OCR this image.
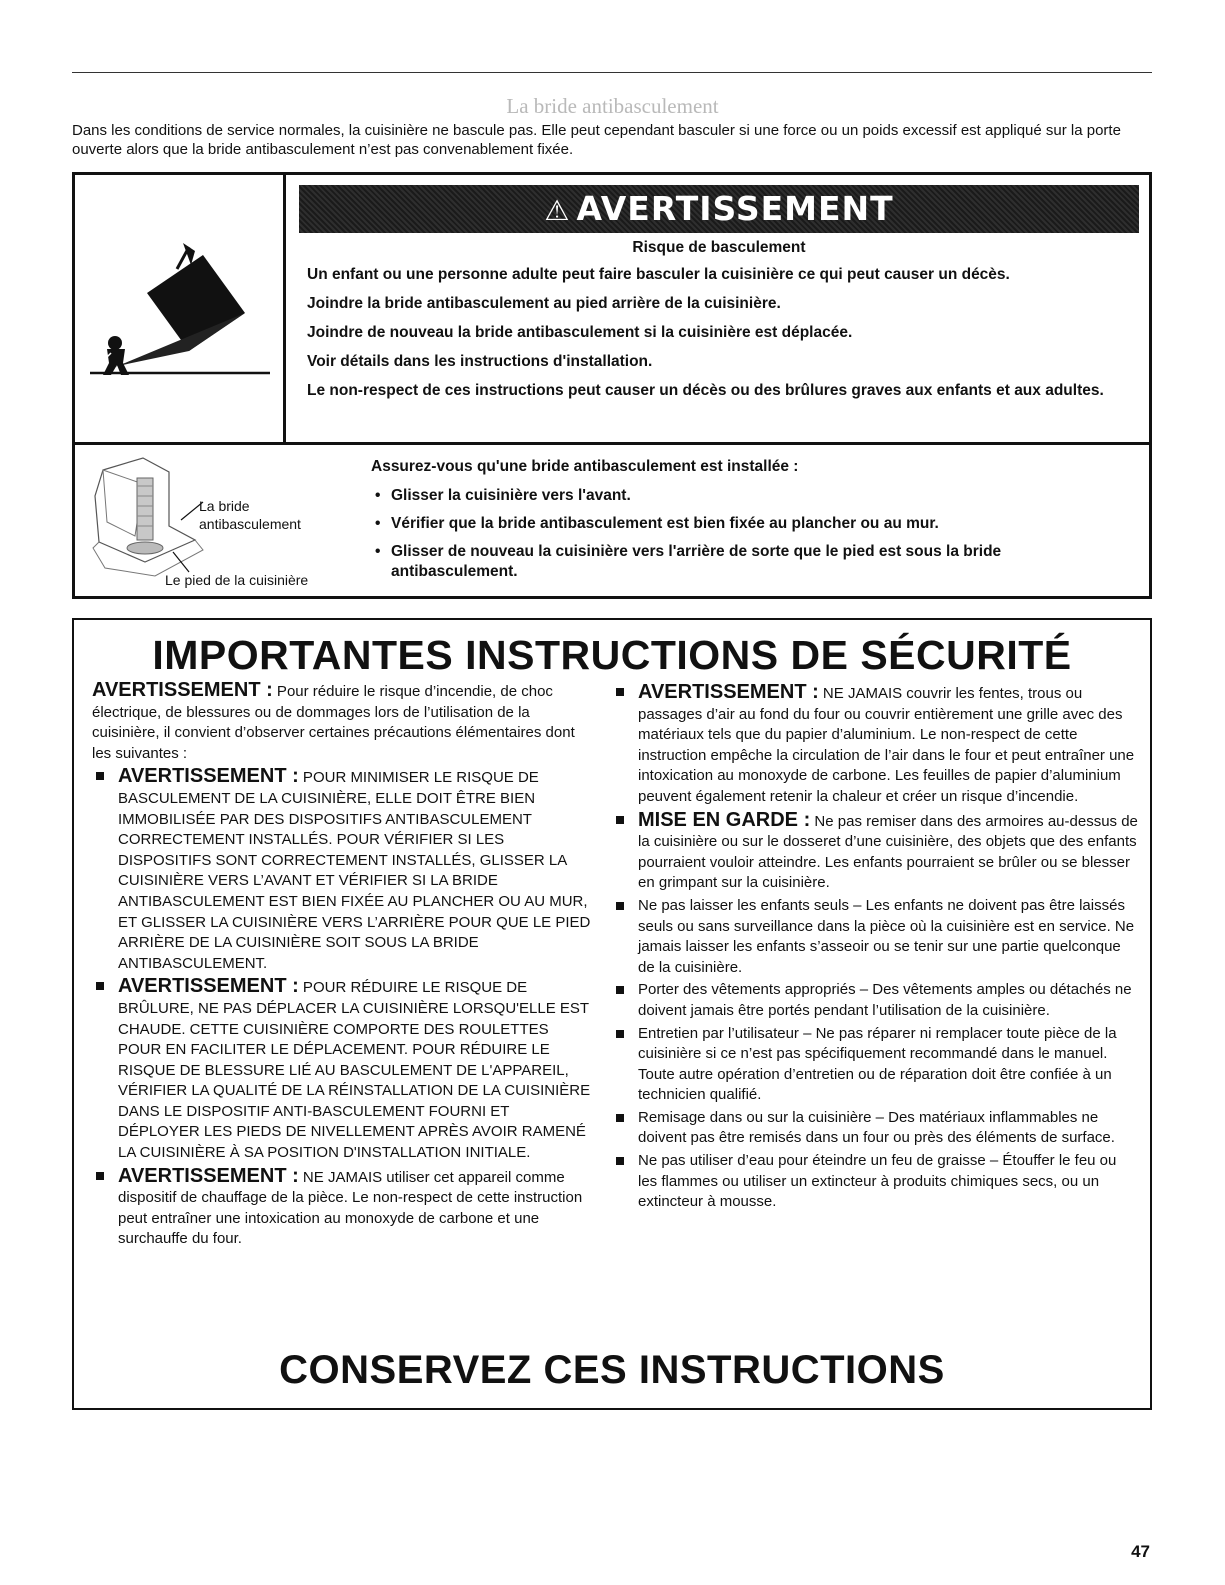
La bride antibasculement
Dans les conditions de service normales, la cuisinière ne bascule pas. Elle peut cependant basculer si une force ou un poids excessif est appliqué sur la porte ouverte alors que la bride antibasculement n’est pas convenablement fixée.
⚠ AVERTISSEMENT
Risque de basculement

Un enfant ou une personne adulte peut faire basculer la cuisinière ce qui peut causer un décès.

Joindre la bride antibasculement au pied arrière de la cuisinière.

Joindre de nouveau la bride antibasculement si la cuisinière est déplacée.

Voir détails dans les instructions d'installation.

Le non-respect de ces instructions peut causer un décès ou des brûlures graves aux enfants et aux adultes.

La bride
antibasculement
Le pied de la cuisinière
Assurez-vous qu'une bride antibasculement est installée :
• Glisser la cuisinière vers l'avant.
• Vérifier que la bride antibasculement est bien fixée au plancher ou au mur.
• Glisser de nouveau la cuisinière vers l'arrière de sorte que le pied est sous la bride antibasculement.
IMPORTANTES INSTRUCTIONS DE SÉCURITÉ

AVERTISSEMENT : Pour réduire le risque d’incendie, de choc électrique, de blessures ou de dommages lors de l’utilisation de la cuisinière, il convient d’observer certaines précautions élémentaires dont les suivantes :

AVERTISSEMENT : POUR MINIMISER LE RISQUE DE BASCULEMENT DE LA CUISINIÈRE, ELLE DOIT ÊTRE BIEN IMMOBILISÉE PAR DES DISPOSITIFS ANTIBASCULEMENT CORRECTEMENT INSTALLÉS. POUR VÉRIFIER SI LES DISPOSITIFS SONT CORRECTEMENT INSTALLÉS, GLISSER LA CUISINIÈRE VERS L’AVANT ET VÉRIFIER SI LA BRIDE ANTIBASCULEMENT EST BIEN FIXÉE AU PLANCHER OU AU MUR, ET GLISSER LA CUISINIÈRE VERS L’ARRIÈRE POUR QUE LE PIED ARRIÈRE DE LA CUISINIÈRE SOIT SOUS LA BRIDE ANTIBASCULEMENT.
AVERTISSEMENT : POUR RÉDUIRE LE RISQUE DE BRÛLURE, NE PAS DÉPLACER LA CUISINIÈRE LORSQU'ELLE EST CHAUDE. CETTE CUISINIÈRE COMPORTE DES ROULETTES POUR EN FACILITER LE DÉPLACEMENT. POUR RÉDUIRE LE RISQUE DE BLESSURE LIÉ AU BASCULEMENT DE L'APPAREIL, VÉRIFIER LA QUALITÉ DE LA RÉINSTALLATION DE LA CUISINIÈRE DANS LE DISPOSITIF ANTI-BASCULEMENT FOURNI ET DÉPLOYER LES PIEDS DE NIVELLEMENT APRÈS AVOIR RAMENÉ LA CUISINIÈRE À SA POSITION D'INSTALLATION INITIALE.
AVERTISSEMENT : NE JAMAIS utiliser cet appareil comme dispositif de chauffage de la pièce. Le non-respect de cette instruction peut entraîner une intoxication au monoxyde de carbone et une surchauffe du four.
AVERTISSEMENT : NE JAMAIS couvrir les fentes, trous ou passages d’air au fond du four ou couvrir entièrement une grille avec des matériaux tels que du papier d’aluminium. Le non-respect de cette instruction empêche la circulation de l’air dans le four et peut entraîner une intoxication au monoxyde de carbone. Les feuilles de papier d’aluminium peuvent également retenir la chaleur et créer un risque d’incendie.
MISE EN GARDE : Ne pas remiser dans des armoires au-dessus de la cuisinière ou sur le dosseret d’une cuisinière, des objets que des enfants pourraient vouloir atteindre. Les enfants pourraient se brûler ou se blesser en grimpant sur la cuisinière.
Ne pas laisser les enfants seuls – Les enfants ne doivent pas être laissés seuls ou sans surveillance dans la pièce où la cuisinière est en service. Ne jamais laisser les enfants s’asseoir ou se tenir sur une partie quelconque de la cuisinière.
Porter des vêtements appropriés – Des vêtements amples ou détachés ne doivent jamais être portés pendant l’utilisation de la cuisinière.
Entretien par l’utilisateur – Ne pas réparer ni remplacer toute pièce de la cuisinière si ce n’est pas spécifiquement recommandé dans le manuel. Toute autre opération d’entretien ou de réparation doit être confiée à un technicien qualifié.
Remisage dans ou sur la cuisinière – Des matériaux inflammables ne doivent pas être remisés dans un four ou près des éléments de surface.
Ne pas utiliser d’eau pour éteindre un feu de graisse – Étouffer le feu ou les flammes ou utiliser un extincteur à produits chimiques secs, ou un extincteur à mousse.
CONSERVEZ CES INSTRUCTIONS
47
